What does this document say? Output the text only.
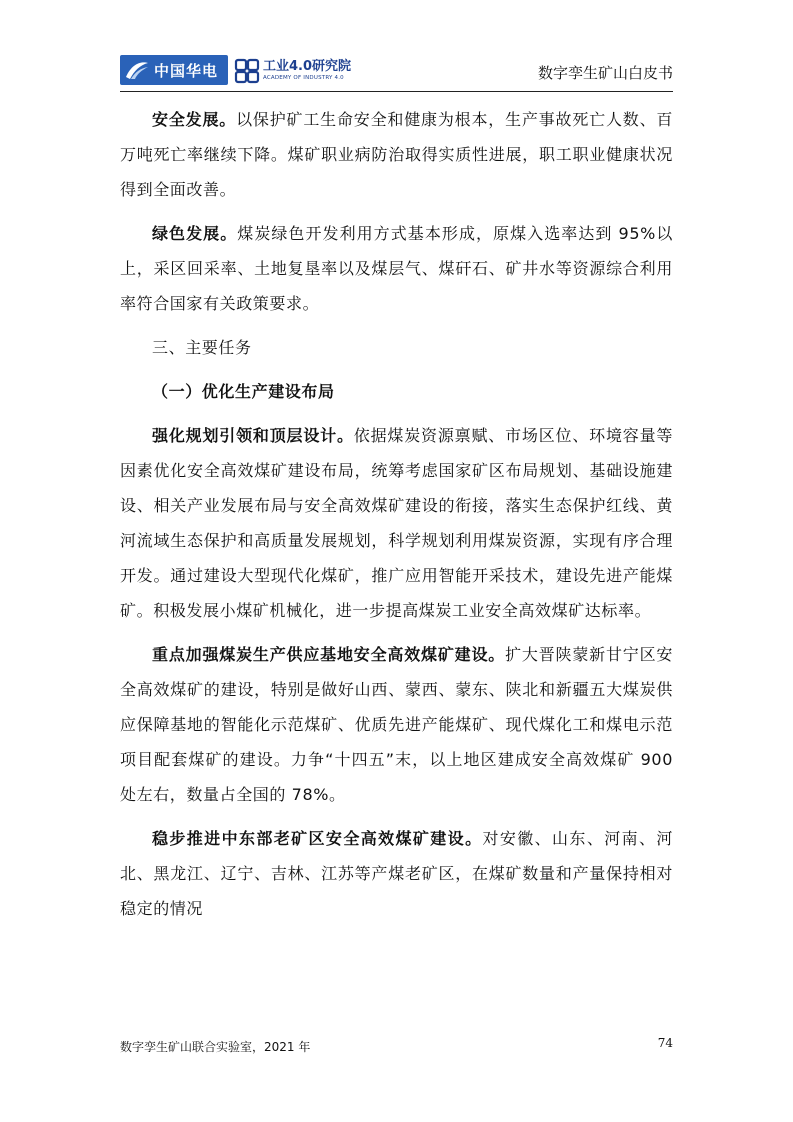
中国华电	工业4.0研究院
ACADEMY OF INDUSTRY 4.0	数字孪生矿山白皮书

安全发展。以保护矿工生命安全和健康为根本，生产事故死亡人数、百万吨死亡率继续下降。煤矿职业病防治取得实质性进展，职工职业健康状况得到全面改善。

绿色发展。煤炭绿色开发利用方式基本形成，原煤入选率达到 95%以上，采区回采率、土地复垦率以及煤层气、煤矸石、矿井水等资源综合利用率符合国家有关政策要求。

三、主要任务

（一）优化生产建设布局

强化规划引领和顶层设计。依据煤炭资源禀赋、市场区位、环境容量等因素优化安全高效煤矿建设布局，统筹考虑国家矿区布局规划、基础设施建设、相关产业发展布局与安全高效煤矿建设的衔接，落实生态保护红线、黄河流域生态保护和高质量发展规划，科学规划利用煤炭资源，实现有序合理开发。通过建设大型现代化煤矿，推广应用智能开采技术，建设先进产能煤矿。积极发展小煤矿机械化，进一步提高煤炭工业安全高效煤矿达标率。

重点加强煤炭生产供应基地安全高效煤矿建设。扩大晋陕蒙新甘宁区安全高效煤矿的建设，特别是做好山西、蒙西、蒙东、陕北和新疆五大煤炭供应保障基地的智能化示范煤矿、优质先进产能煤矿、现代煤化工和煤电示范项目配套煤矿的建设。力争“十四五”末，以上地区建成安全高效煤矿 900 处左右，数量占全国的 78%。

稳步推进中东部老矿区安全高效煤矿建设。对安徽、山东、河南、河北、黑龙江、辽宁、吉林、江苏等产煤老矿区，在煤矿数量和产量保持相对稳定的情况

数字孪生矿山联合实验室，2021 年	74
